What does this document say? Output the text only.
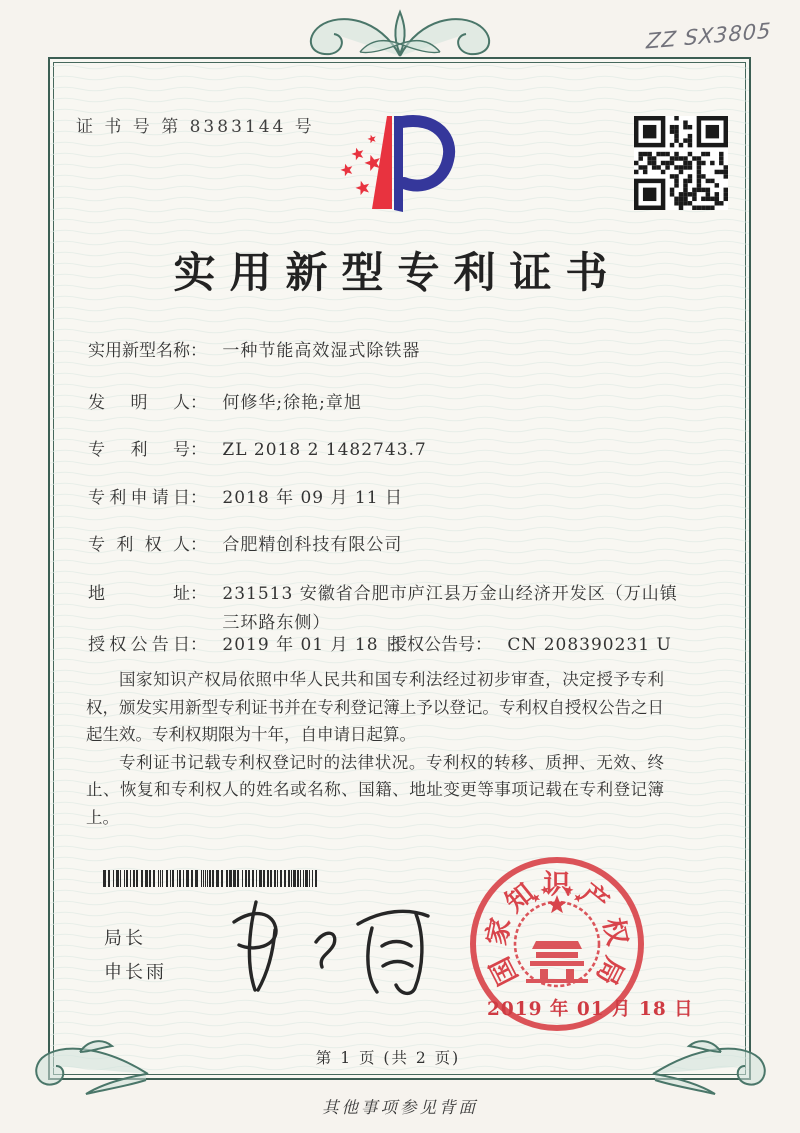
ZZ SX3805
证 书 号 第 8383144 号
实用新型专利证书
实用新型名称： 一种节能高效湿式除铁器
发明人： 何修华;徐艳;章旭
专利号： ZL 2018 2 1482743.7
专利申请日： 2018 年 09 月 11 日
专利权人： 合肥精创科技有限公司
地址： 231513 安徽省合肥市庐江县万金山经济开发区（万山镇三环路东侧）
授权公告日： 2019 年 01 月 18 日
授权公告号： CN 208390231 U

国家知识产权局依照中华人民共和国专利法经过初步审查，决定授予专利权，颁发实用新型专利证书并在专利登记簿上予以登记。专利权自授权公告之日起生效。专利权期限为十年，自申请日起算。

专利证书记载专利权登记时的法律状况。专利权的转移、质押、无效、终止、恢复和专利权人的姓名或名称、国籍、地址变更等事项记载在专利登记簿上。

局长
申长雨	国
家
知 识 产
权
局
2019 年 01 月 18 日
第 1 页 (共 2 页)
其他事项参见背面
